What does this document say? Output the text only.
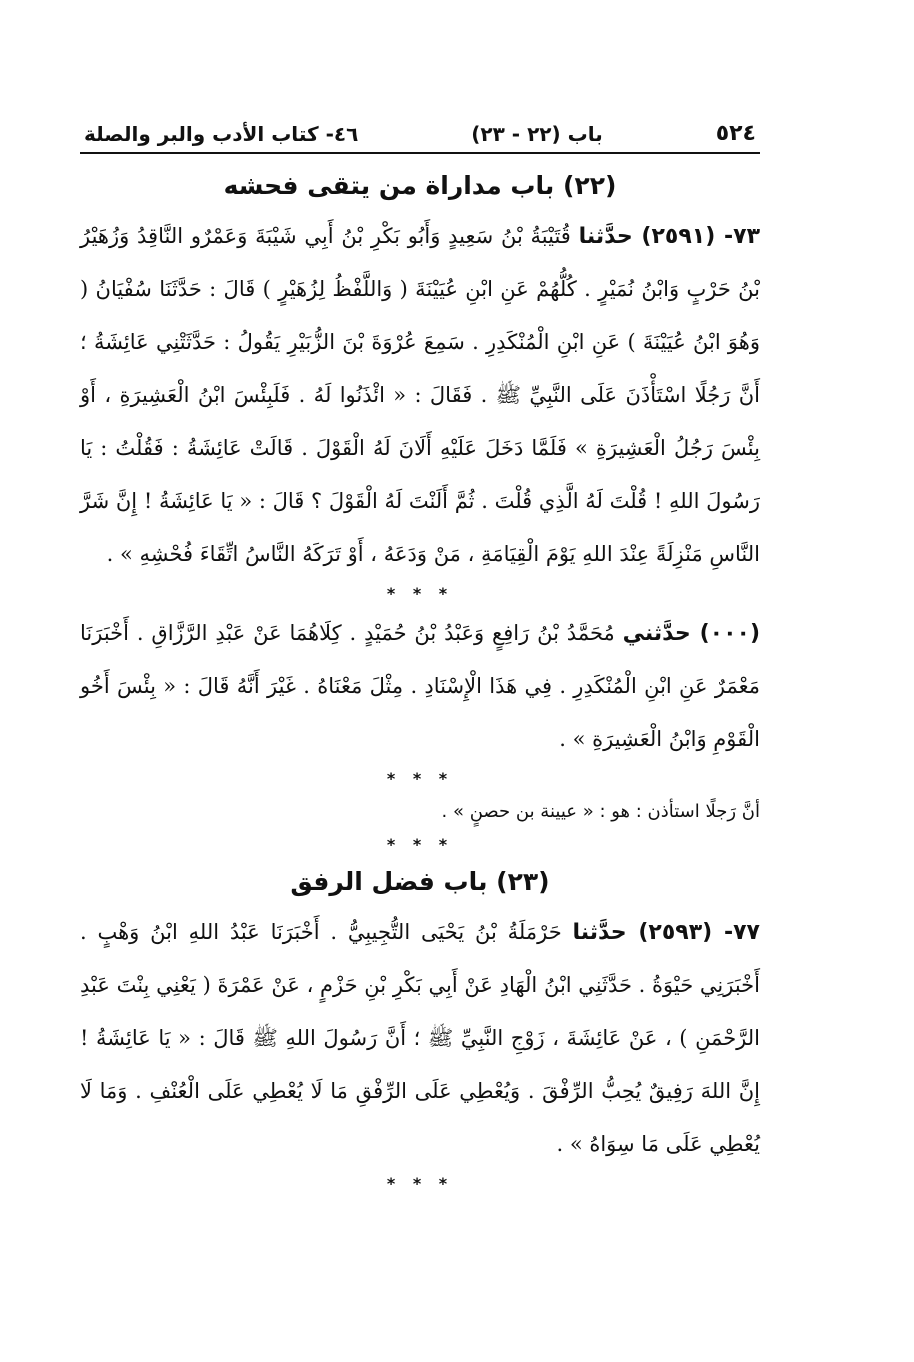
٥٢٤
باب (٢٢ - ٢٣)
٤٦- كتاب الأدب والبر والصلة
(٢٢) باب مداراة من يتقى فحشه

٧٣- (٢٥٩١) حدَّثنا قُتَيْبَةُ بْنُ سَعِيدٍ وَأَبُو بَكْرِ بْنُ أَبِي شَيْبَةَ وَعَمْرٌو النَّاقِدُ وَزُهَيْرُ بْنُ حَرْبٍ وَابْنُ نُمَيْرٍ . كُلُّهُمْ عَنِ ابْنِ عُيَيْنَةَ ( وَاللَّفْظُ لِزُهَيْرٍ ) قَالَ : حَدَّثَنَا سُفْيَانُ ( وَهُوَ ابْنُ عُيَيْنَةَ ) عَنِ ابْنِ الْمُنْكَدِرِ . سَمِعَ عُرْوَةَ بْنَ الزُّبَيْرِ يَقُولُ : حَدَّثَتْنِي عَائِشَةُ ؛ أَنَّ رَجُلًا اسْتَأْذَنَ عَلَى النَّبِيِّ ﷺ . فَقَالَ : « ائْذَنُوا لَهُ . فَلَبِئْسَ ابْنُ الْعَشِيرَةِ ، أَوْ بِئْسَ رَجُلُ الْعَشِيرَةِ » فَلَمَّا دَخَلَ عَلَيْهِ أَلَانَ لَهُ الْقَوْلَ . قَالَتْ عَائِشَةُ : فَقُلْتُ : يَا رَسُولَ اللهِ ! قُلْتَ لَهُ الَّذِي قُلْتَ . ثُمَّ أَلَنْتَ لَهُ الْقَوْلَ ؟ قَالَ : « يَا عَائِشَةُ ! إِنَّ شَرَّ النَّاسِ مَنْزِلَةً عِنْدَ اللهِ يَوْمَ الْقِيَامَةِ ، مَنْ وَدَعَهُ ، أَوْ تَرَكَهُ النَّاسُ اتِّقَاءَ فُحْشِهِ » .

* * *

(٠٠٠) حدَّثني مُحَمَّدُ بْنُ رَافِعٍ وَعَبْدُ بْنُ حُمَيْدٍ . كِلَاهُمَا عَنْ عَبْدِ الرَّزَّاقِ . أَخْبَرَنَا مَعْمَرٌ عَنِ ابْنِ الْمُنْكَدِرِ . فِي هَذَا الْإِسْنَادِ . مِثْلَ مَعْنَاهُ . غَيْرَ أَنَّهُ قَالَ : « بِئْسَ أَخُو الْقَوْمِ وَابْنُ الْعَشِيرَةِ » .

* * *
أنَّ رَجلًا استأذن : هو : « عيينة بن حصنٍ » .
* * *
(٢٣) باب فضل الرفق

٧٧- (٢٥٩٣) حدَّثنا حَرْمَلَةُ بْنُ يَحْيَى التُّجِيبِيُّ . أَخْبَرَنَا عَبْدُ اللهِ ابْنُ وَهْبٍ . أَخْبَرَنِي حَيْوَةُ . حَدَّثَنِي ابْنُ الْهَادِ عَنْ أَبِي بَكْرِ بْنِ حَزْمٍ ، عَنْ عَمْرَةَ ( يَعْنِي بِنْتَ عَبْدِ الرَّحْمَنِ ) ، عَنْ عَائِشَةَ ، زَوْجِ النَّبِيِّ ﷺ ؛ أَنَّ رَسُولَ اللهِ ﷺ قَالَ : « يَا عَائِشَةُ ! إِنَّ اللهَ رَفِيقٌ يُحِبُّ الرِّفْقَ . وَيُعْطِي عَلَى الرِّفْقِ مَا لَا يُعْطِي عَلَى الْعُنْفِ . وَمَا لَا يُعْطِي عَلَى مَا سِوَاهُ » .

* * *
